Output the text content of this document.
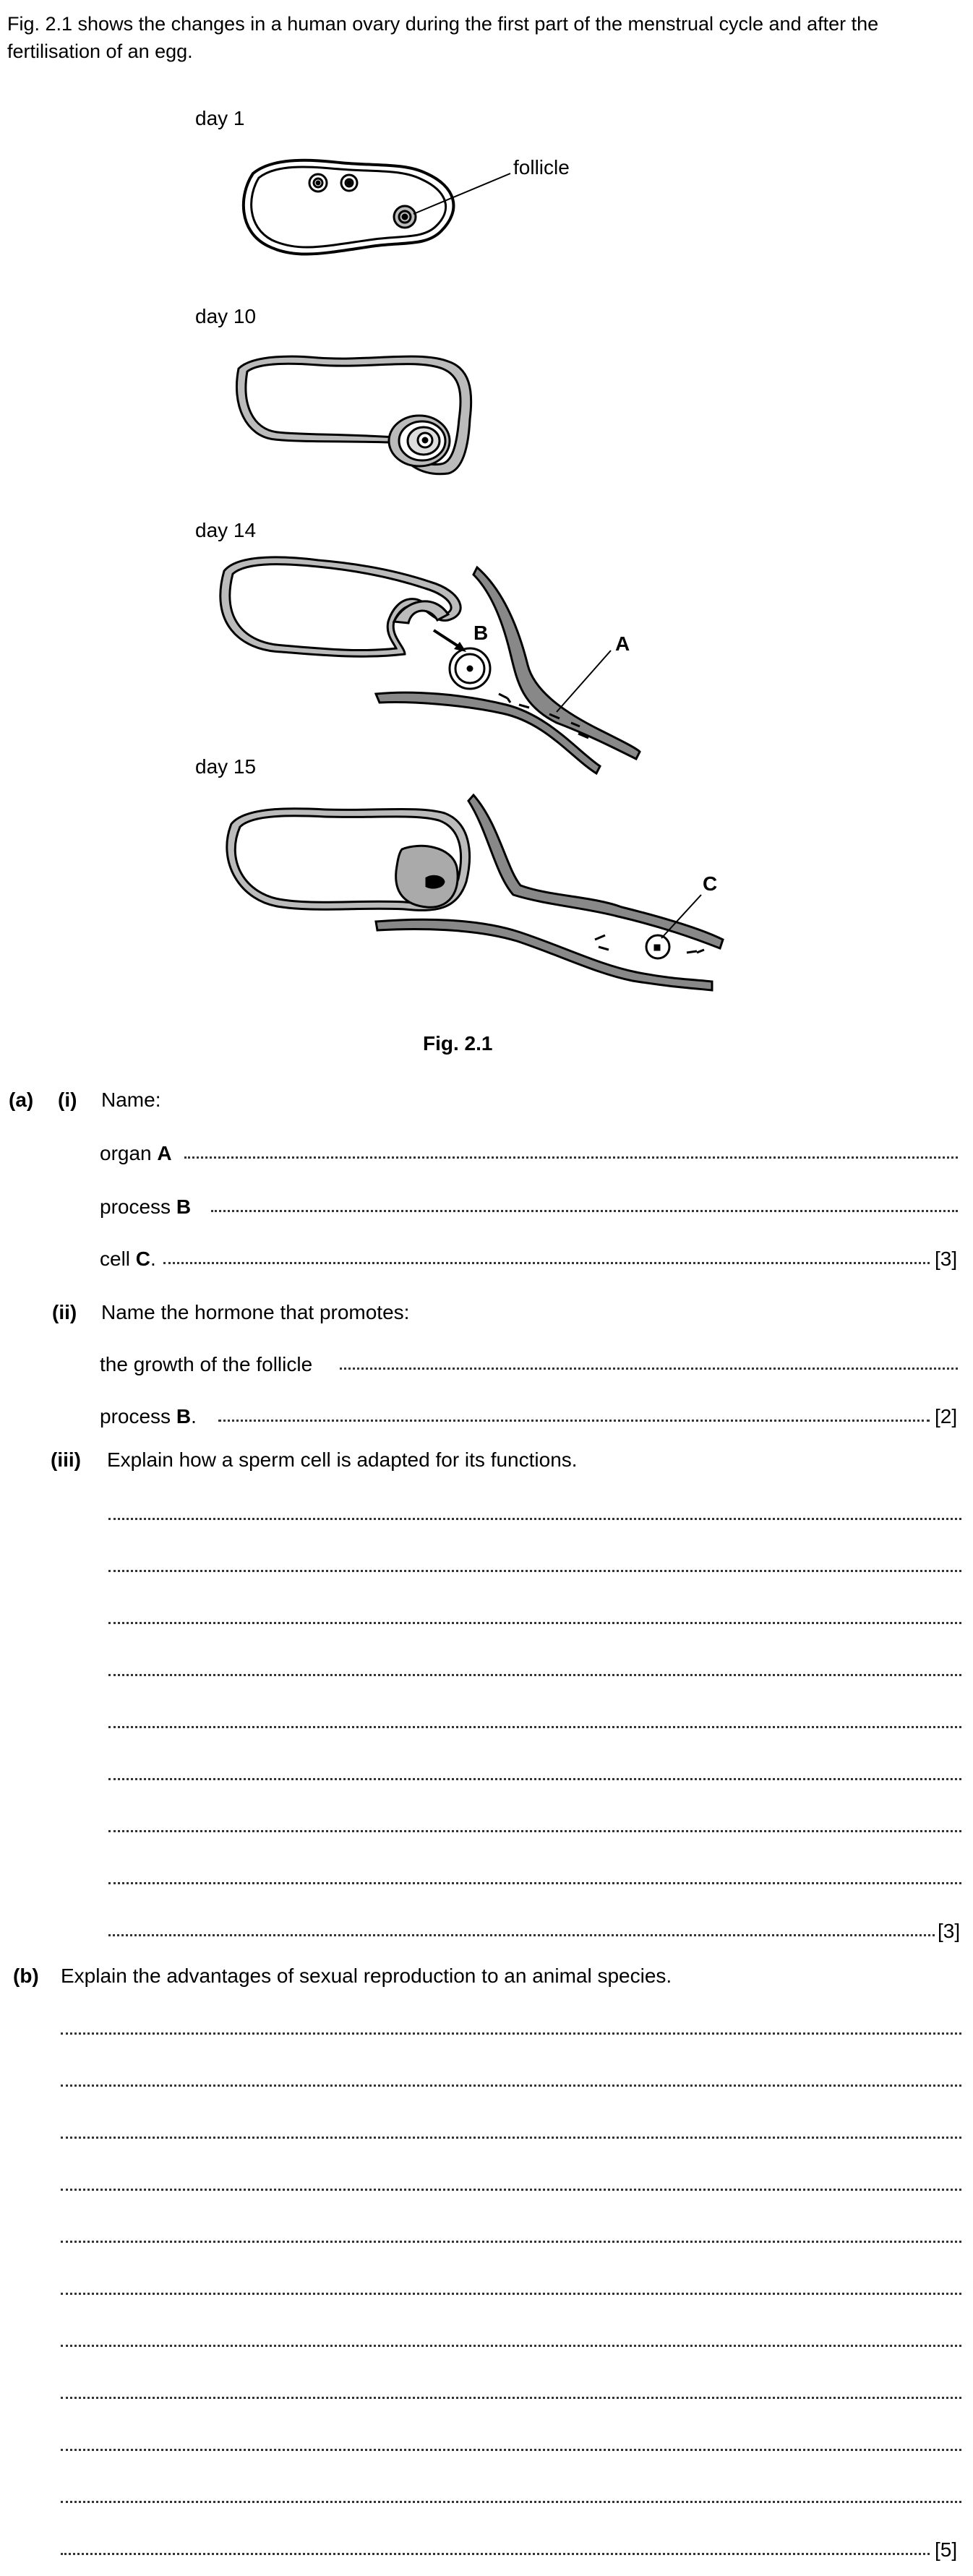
Fig. 2.1 shows the changes in a human ovary during the first part of the menstrual cycle and after the fertilisation of an egg.

day 1
day 10
day 14
day 15
follicle
A
B
C
Fig. 2.1
(a) (i) Name:
organ A
process B
cell C.	[3]
(ii) Name the hormone that promotes:
the growth of the follicle
process B.	[2]
(iii) Explain how a sperm cell is adapted for its functions.
[3]
(b) Explain the advantages of sexual reproduction to an animal species.
[5]
